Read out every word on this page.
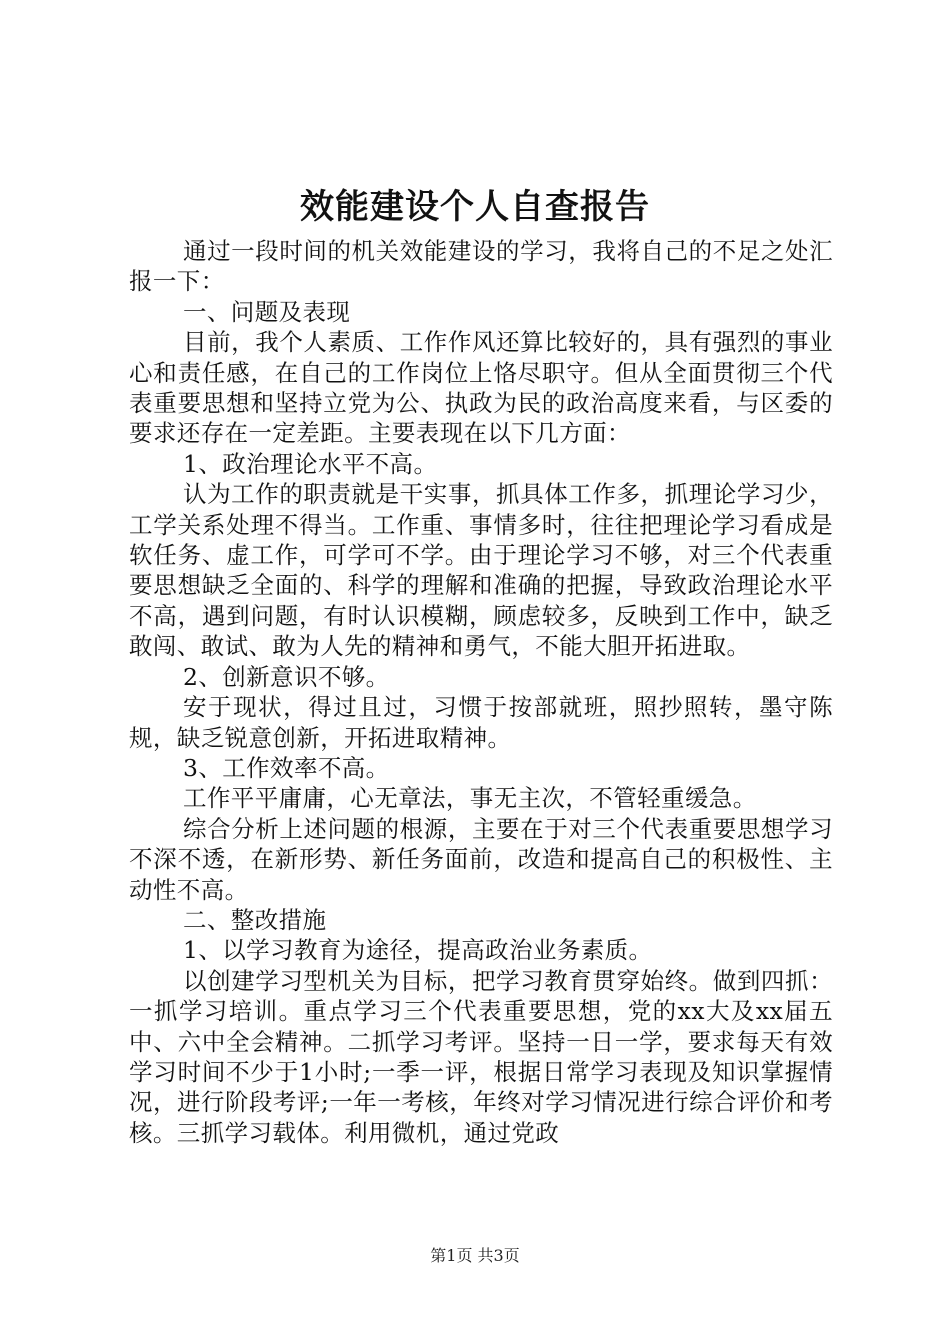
效能建设个人自查报告

通过一段时间的机关效能建设的学习，我将自己的不足之处汇报一下：

一、问题及表现

目前，我个人素质、工作作风还算比较好的，具有强烈的事业心和责任感，在自己的工作岗位上恪尽职守。但从全面贯彻三个代表重要思想和坚持立党为公、执政为民的政治高度来看，与区委的要求还存在一定差距。主要表现在以下几方面：

1、政治理论水平不高。

认为工作的职责就是干实事，抓具体工作多，抓理论学习少，工学关系处理不得当。工作重、事情多时，往往把理论学习看成是软任务、虚工作，可学可不学。由于理论学习不够，对三个代表重要思想缺乏全面的、科学的理解和准确的把握，导致政治理论水平不高，遇到问题，有时认识模糊，顾虑较多，反映到工作中，缺乏敢闯、敢试、敢为人先的精神和勇气，不能大胆开拓进取。

2、创新意识不够。

安于现状，得过且过，习惯于按部就班，照抄照转，墨守陈规，缺乏锐意创新，开拓进取精神。

3、工作效率不高。

工作平平庸庸，心无章法，事无主次，不管轻重缓急。

综合分析上述问题的根源，主要在于对三个代表重要思想学习不深不透，在新形势、新任务面前，改造和提高自己的积极性、主动性不高。

二、整改措施

1、以学习教育为途径，提高政治业务素质。

以创建学习型机关为目标，把学习教育贯穿始终。做到四抓：一抓学习培训。重点学习三个代表重要思想，党的xx大及xx届五中、六中全会精神。二抓学习考评。坚持一日一学，要求每天有效学习时间不少于1小时;一季一评，根据日常学习表现及知识掌握情况，进行阶段考评;一年一考核，年终对学习情况进行综合评价和考核。三抓学习载体。利用微机，通过党政

第1页 共3页
